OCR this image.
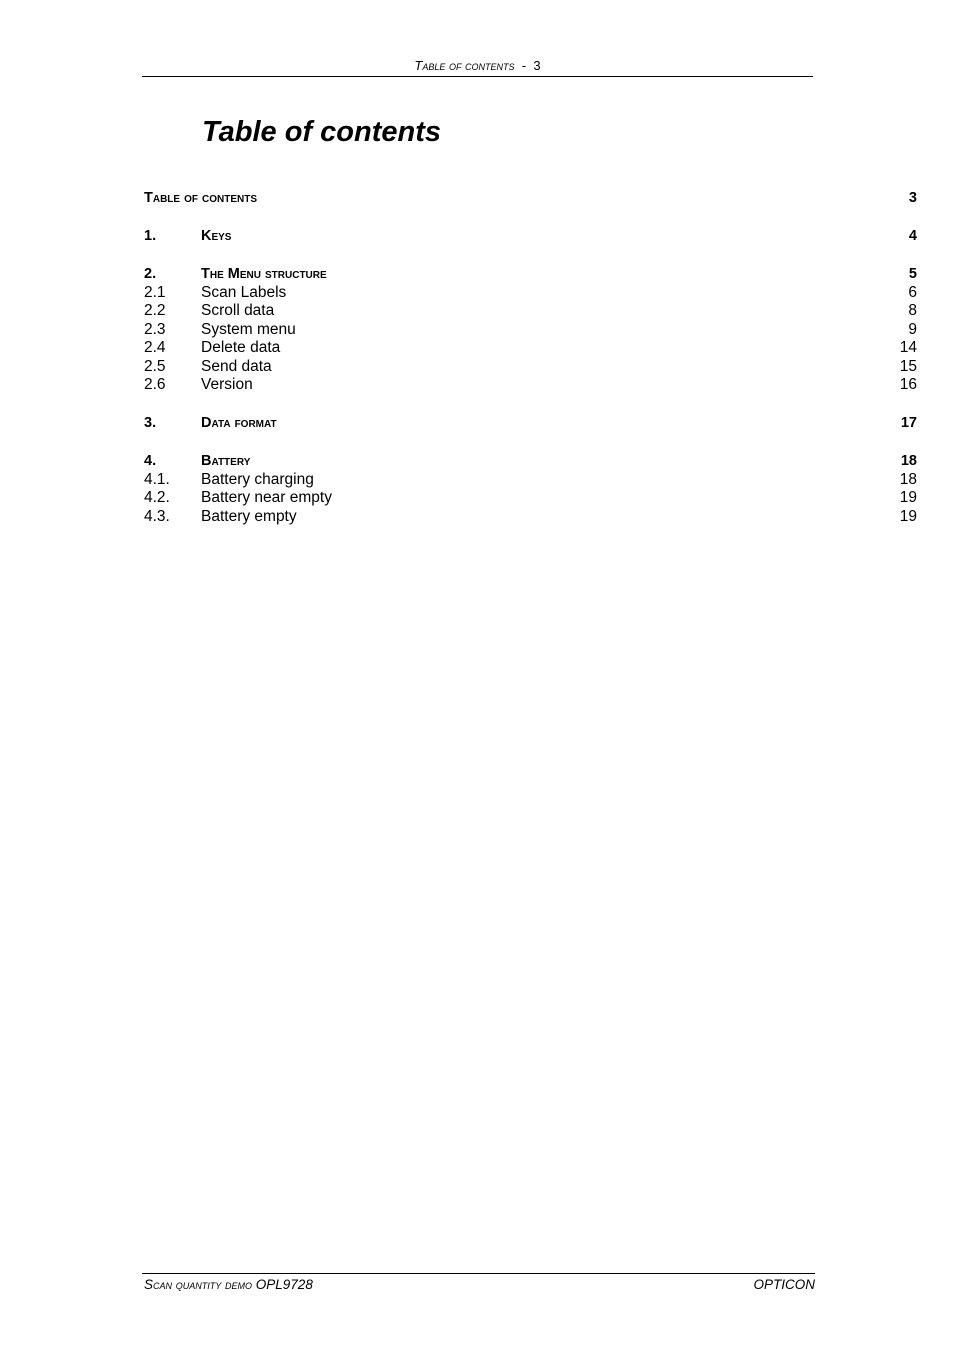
Table of contents - 3
Table of contents
Table of contents	3
1.	Keys	4
2.	The Menu structure	5
2.1 Scan Labels	6
2.2 Scroll data	8
2.3 System menu	9
2.4 Delete data	14
2.5 Send data	15
2.6 Version	16
3.	Data format	17
4.	Battery	18
4.1. Battery charging	18
4.2. Battery near empty	19
4.3. Battery empty	19
Scan quantity demo OPL9728	OPTICON
